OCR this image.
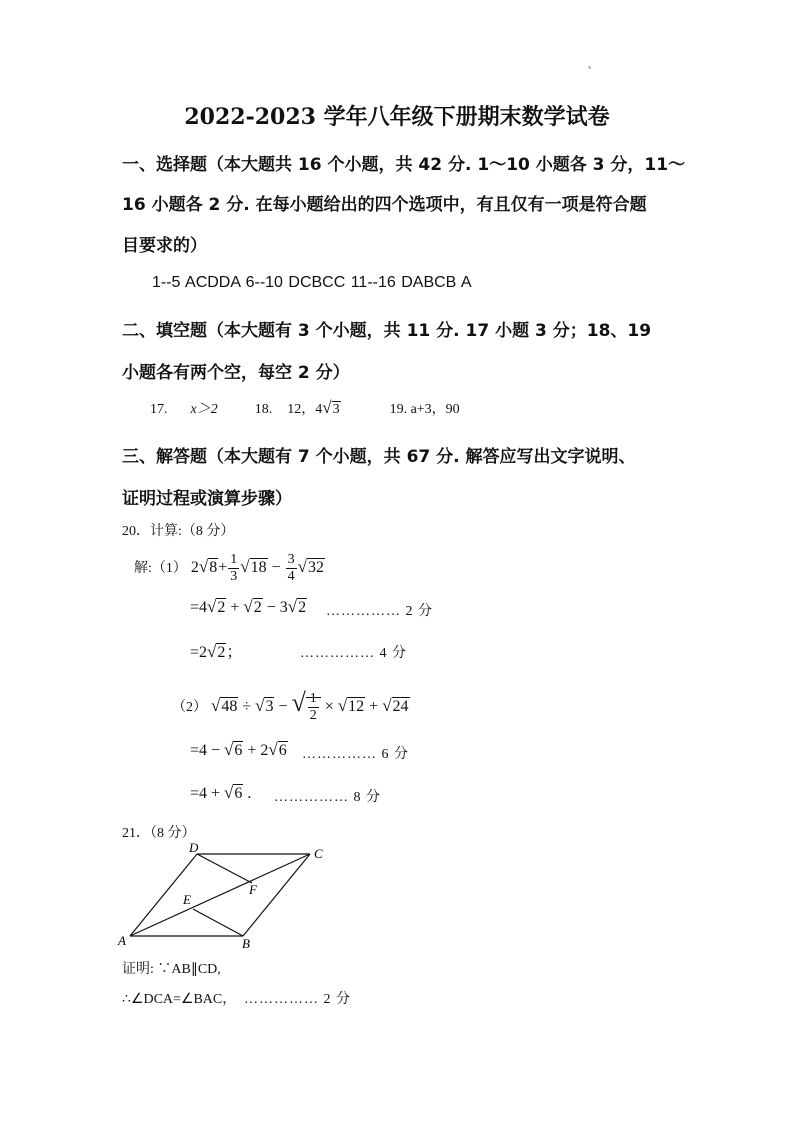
2022-2023 学年八年级下册期末数学试卷
一、选择题（本大题共 16 个小题，共 42 分. 1～10 小题各 3 分，11～
16 小题各 2 分. 在每小题给出的四个选项中，有且仅有一项是符合题
目要求的）
1--5 ACDDA 6--10 DCBCC 11--16 DABCB A
二、填空题（本大题有 3 个小题，共 11 分. 17 小题 3 分；18、19
小题各有两个空，每空 2 分）
17. x＞2	18. 12，4√3	19. a+3，90
三、解答题（本大题有 7 个小题，共 67 分. 解答应写出文字说明、
证明过程或演算步骤）
20．计算:（8 分）
解:（1） $2√8+ \frac{1}{3} √18 - \frac{3}{4} √32$
=4√2 + √2 − 3√2 …………… 2 分
=2√2；	…………… 4 分
（2） √48 ÷ √3 − √ $\frac{1}{2} \times √12 + √24$
=4 − √6 + 2√6 …………… 6 分
=4 + √6 . …………… 8 分
21．（8 分）
A	B
C
D
E
F
证明: ∵AB∥CD,
∴∠DCA=∠BAC， …………… 2 分
